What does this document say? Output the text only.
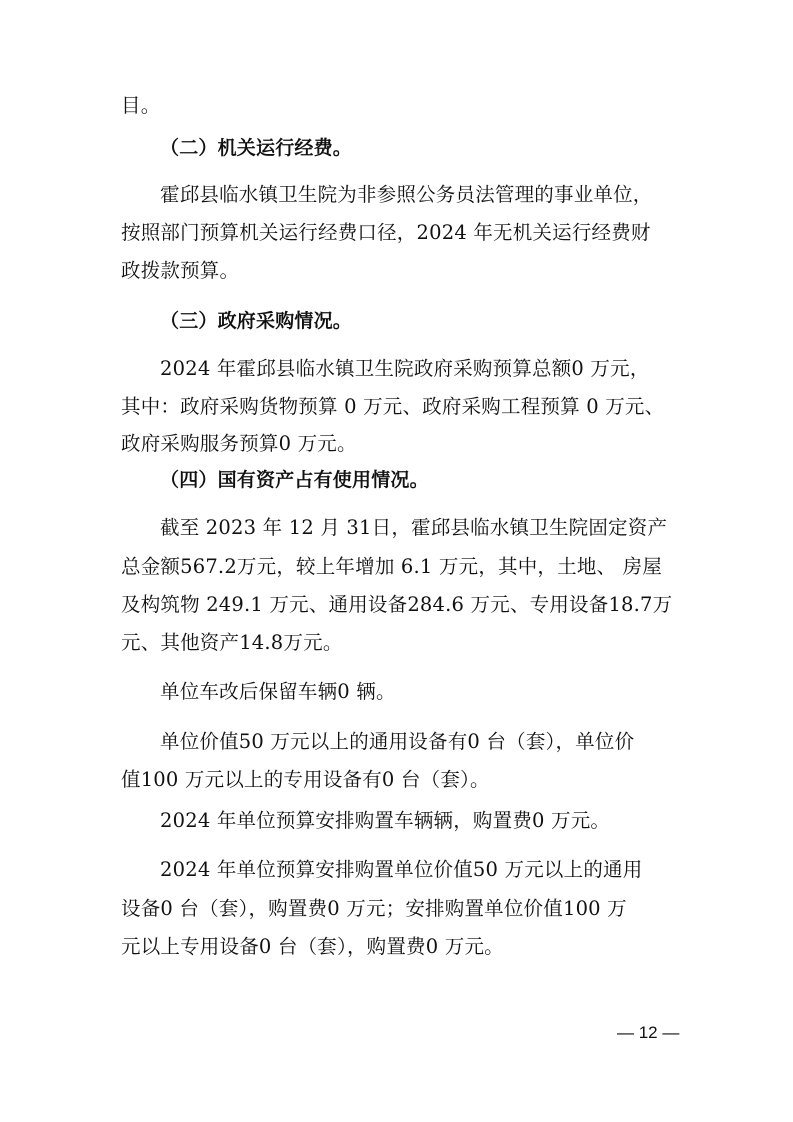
目。
（二）机关运行经费。
霍邱县临水镇卫生院为非参照公务员法管理的事业单位，
按照部门预算机关运行经费口径，2024 年无机关运行经费财
政拨款预算。
（三）政府采购情况。
2024 年霍邱县临水镇卫生院政府采购预算总额0 万元，
其中：政府采购货物预算 0 万元、政府采购工程预算 0 万元、
政府采购服务预算0 万元。
（四）国有资产占有使用情况。
截至 2023 年 12 月 31日，霍邱县临水镇卫生院固定资产
总金额567.2万元，较上年增加 6.1 万元，其中，土地、 房屋
及构筑物 249.1 万元、通用设备284.6 万元、专用设备18.7万
元、其他资产14.8万元。
单位车改后保留车辆0 辆。
单位价值50 万元以上的通用设备有0 台（套），单位价
值100 万元以上的专用设备有0 台（套）。
2024 年单位预算安排购置车辆辆，购置费0 万元。
2024 年单位预算安排购置单位价值50 万元以上的通用
设备0 台（套），购置费0 万元；安排购置单位价值100 万
元以上专用设备0 台（套），购置费0 万元。
— 12 —
